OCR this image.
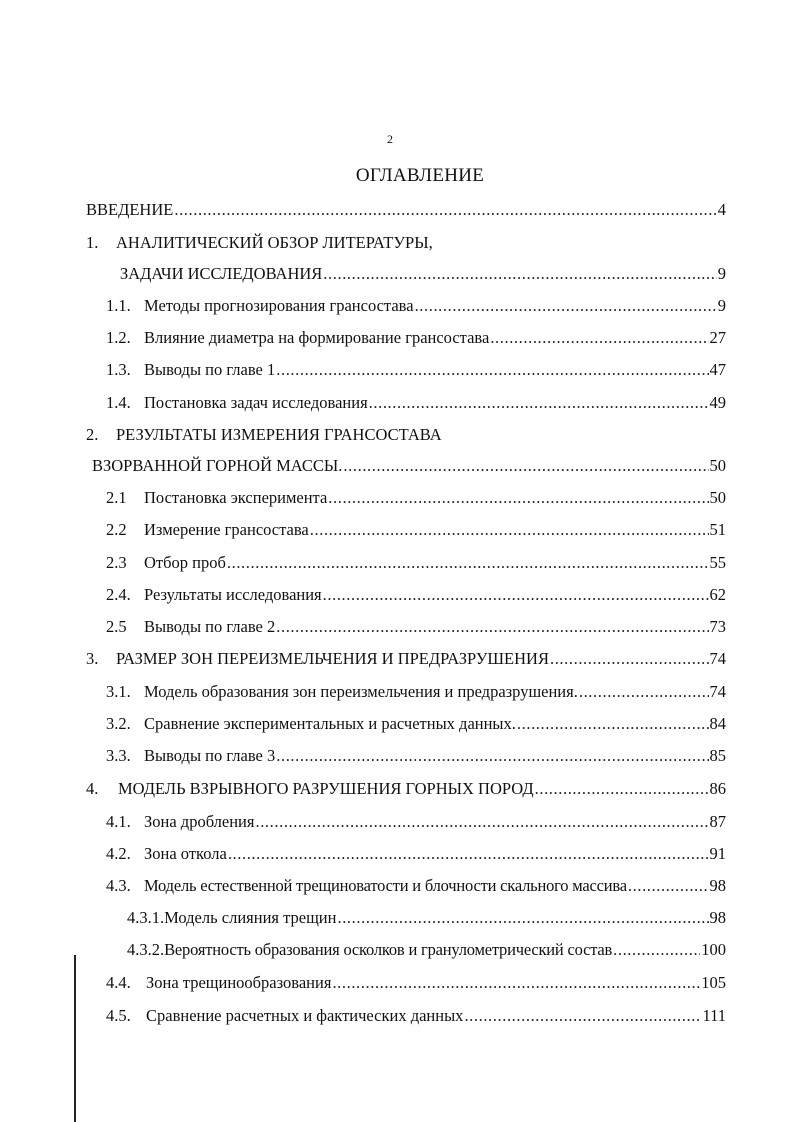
2
ОГЛАВЛЕНИЕ
ВВЕДЕНИЕ .....	4
1.	АНАЛИТИЧЕСКИЙ ОБЗОР ЛИТЕРАТУРЫ,
ЗАДАЧИ ИССЛЕДОВАНИЯ .....	9
1.1. Методы прогнозирования грансостава .....	9
1.2. Влияние диаметра на формирование грансостава .....	27
1.3. Выводы по главе 1 .....	47
1.4. Постановка задач исследования .....	49
2.	РЕЗУЛЬТАТЫ ИЗМЕРЕНИЯ ГРАНСОСТАВА
ВЗОРВАННОЙ ГОРНОЙ МАССЫ. .....	50
2.1	Постановка эксперимента .....	50
2.2	Измерение грансостава .....	51
2.3	Отбор проб .....	55
2.4. Результаты исследования .....	62
2.5	Выводы по главе 2 .....	73
3.	РАЗМЕР ЗОН ПЕРЕИЗМЕЛЬЧЕНИЯ И ПРЕДРАЗРУШЕНИЯ .....	74
3.1. Модель образования зон переизмельчения и предразрушения. .....	74
3.2. Сравнение экспериментальных и расчетных данных. .....	84
3.3. Выводы по главе 3 .....	85
4.	МОДЕЛЬ ВЗРЫВНОГО РАЗРУШЕНИЯ ГОРНЫХ ПОРОД .....	86
4.1. Зона дробления .....	87
4.2. Зона откола .....	91
4.3. Модель естественной трещиноватости и блочности скального массива .....	98
4.3.1. Модель слияния трещин .....	98
4.3.2. Вероятность образования осколков и гранулометрический состав .....	100
4.4. Зона трещинообразования .....	105
4.5. Сравнение расчетных и фактических данных .....	111
